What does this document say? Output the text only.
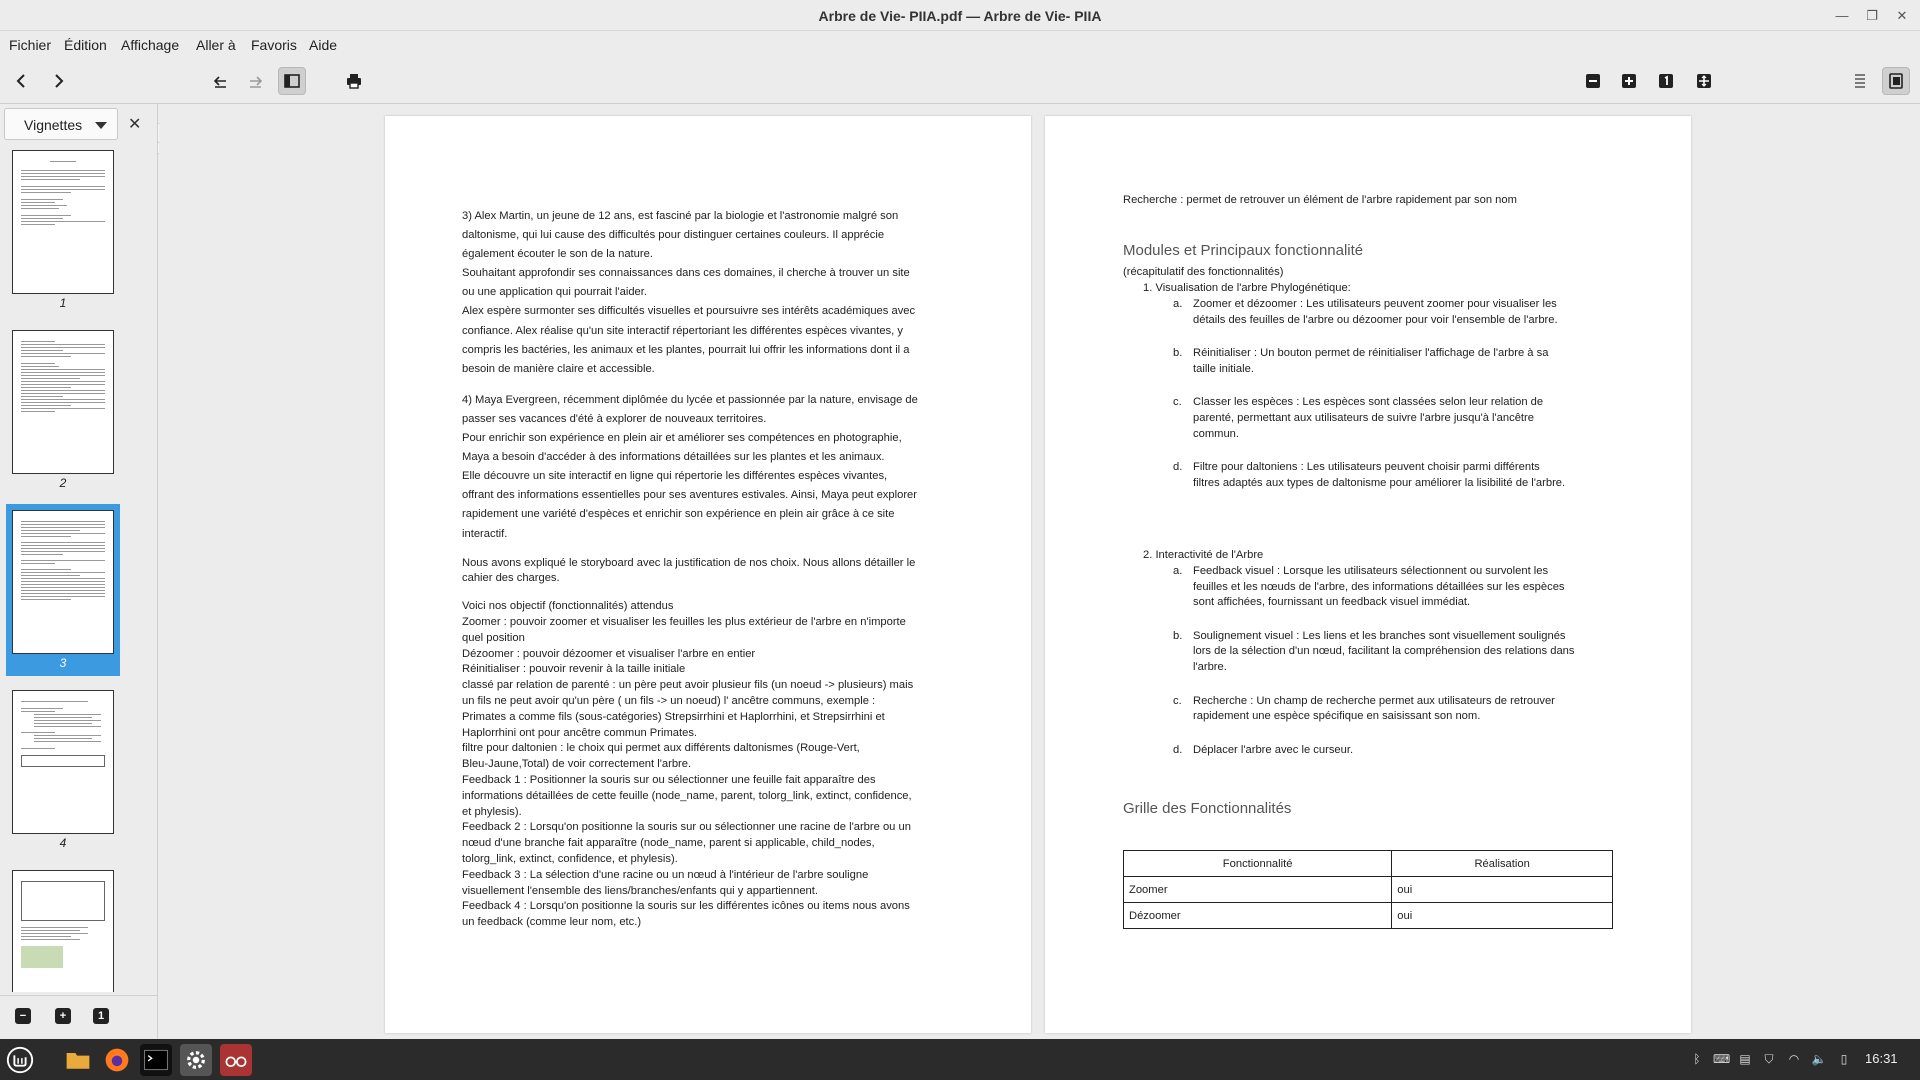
Arbre de Vie- PIIA.pdf — Arbre de Vie- PIIA	—	❐	✕
Fichier Édition Affichage Aller à Favoris Aide
Vignettes	✕
1
2
3
4
−	+	1

3) Alex Martin, un jeune de 12 ans, est fasciné par la biologie et l'astronomie malgré son

daltonisme, qui lui cause des difficultés pour distinguer certaines couleurs. Il apprécie

également écouter le son de la nature.

Souhaitant approfondir ses connaissances dans ces domaines, il cherche à trouver un site

ou une application qui pourrait l'aider.

Alex espère surmonter ses difficultés visuelles et poursuivre ses intérêts académiques avec

confiance. Alex réalise qu'un site interactif répertoriant les différentes espèces vivantes, y

compris les bactéries, les animaux et les plantes, pourrait lui offrir les informations dont il a

besoin de manière claire et accessible.

4) Maya Evergreen, récemment diplômée du lycée et passionnée par la nature, envisage de

passer ses vacances d'été à explorer de nouveaux territoires.

Pour enrichir son expérience en plein air et améliorer ses compétences en photographie,

Maya a besoin d'accéder à des informations détaillées sur les plantes et les animaux.

Elle découvre un site interactif en ligne qui répertorie les différentes espèces vivantes,

offrant des informations essentielles pour ses aventures estivales. Ainsi, Maya peut explorer

rapidement une variété d'espèces et enrichir son expérience en plein air grâce à ce site

interactif.

Nous avons expliqué le storyboard avec la justification de nos choix. Nous allons détailler le

cahier des charges.

Voici nos objectif (fonctionnalités) attendus

Zoomer : pouvoir zoomer et visualiser les feuilles les plus extérieur de l'arbre en n'importe

quel position

Dézoomer : pouvoir dézoomer et visualiser l'arbre en entier

Réinitialiser : pouvoir revenir à la taille initiale

classé par relation de parenté : un père peut avoir plusieur fils (un noeud -> plusieurs) mais

un fils ne peut avoir qu'un père ( un fils -> un noeud) l' ancêtre communs, exemple :

Primates a comme fils (sous-catégories) Strepsirrhini et Haplorrhini, et Strepsirrhini et

Haplorrhini ont pour ancêtre commun Primates.

filtre pour daltonien : le choix qui permet aux différents daltonismes (Rouge-Vert,

Bleu-Jaune,Total) de voir correctement l'arbre.

Feedback 1 : Positionner la souris sur ou sélectionner une feuille fait apparaître des

informations détaillées de cette feuille (node_name, parent, tolorg_link, extinct, confidence,

et phylesis).

Feedback 2 : Lorsqu'on positionne la souris sur ou sélectionner une racine de l'arbre ou un

nœud d'une branche fait apparaître (node_name, parent si applicable, child_nodes,

tolorg_link, extinct, confidence, et phylesis).

Feedback 3 : La sélection d'une racine ou un nœud à l'intérieur de l'arbre souligne

visuellement l'ensemble des liens/branches/enfants qui y appartiennent.

Feedback 4 : Lorsqu'on positionne la souris sur les différentes icônes ou items nous avons

un feedback (comme leur nom, etc.)

Recherche : permet de retrouver un élément de l'arbre rapidement par son nom
Modules et Principaux fonctionnalité
(récapitulatif des fonctionnalités)
1. Visualisation de l'arbre Phylogénétique:
a. Zoomer et dézoomer : Les utilisateurs peuvent zoomer pour visualiser les

détails des feuilles de l'arbre ou dézoomer pour voir l'ensemble de l'arbre.

b. Réinitialiser : Un bouton permet de réinitialiser l'affichage de l'arbre à sa

taille initiale.

c. Classer les espèces : Les espèces sont classées selon leur relation de

parenté, permettant aux utilisateurs de suivre l'arbre jusqu'à l'ancêtre

commun.

d. Filtre pour daltoniens : Les utilisateurs peuvent choisir parmi différents

filtres adaptés aux types de daltonisme pour améliorer la lisibilité de l'arbre.

2. Interactivité de l'Arbre
a. Feedback visuel : Lorsque les utilisateurs sélectionnent ou survolent les

feuilles et les nœuds de l'arbre, des informations détaillées sur les espèces

sont affichées, fournissant un feedback visuel immédiat.

b. Soulignement visuel : Les liens et les branches sont visuellement soulignés

lors de la sélection d'un nœud, facilitant la compréhension des relations dans

l'arbre.

c. Recherche : Un champ de recherche permet aux utilisateurs de retrouver

rapidement une espèce spécifique en saisissant son nom.

d. Déplacer l'arbre avec le curseur.

Grille des Fonctionnalités
Fonctionnalité	Réalisation
Zoomer	oui
Dézoomer	oui
ᛒ	⌨ ▤ ⛉ ◠ 🔈	▯	16:31
